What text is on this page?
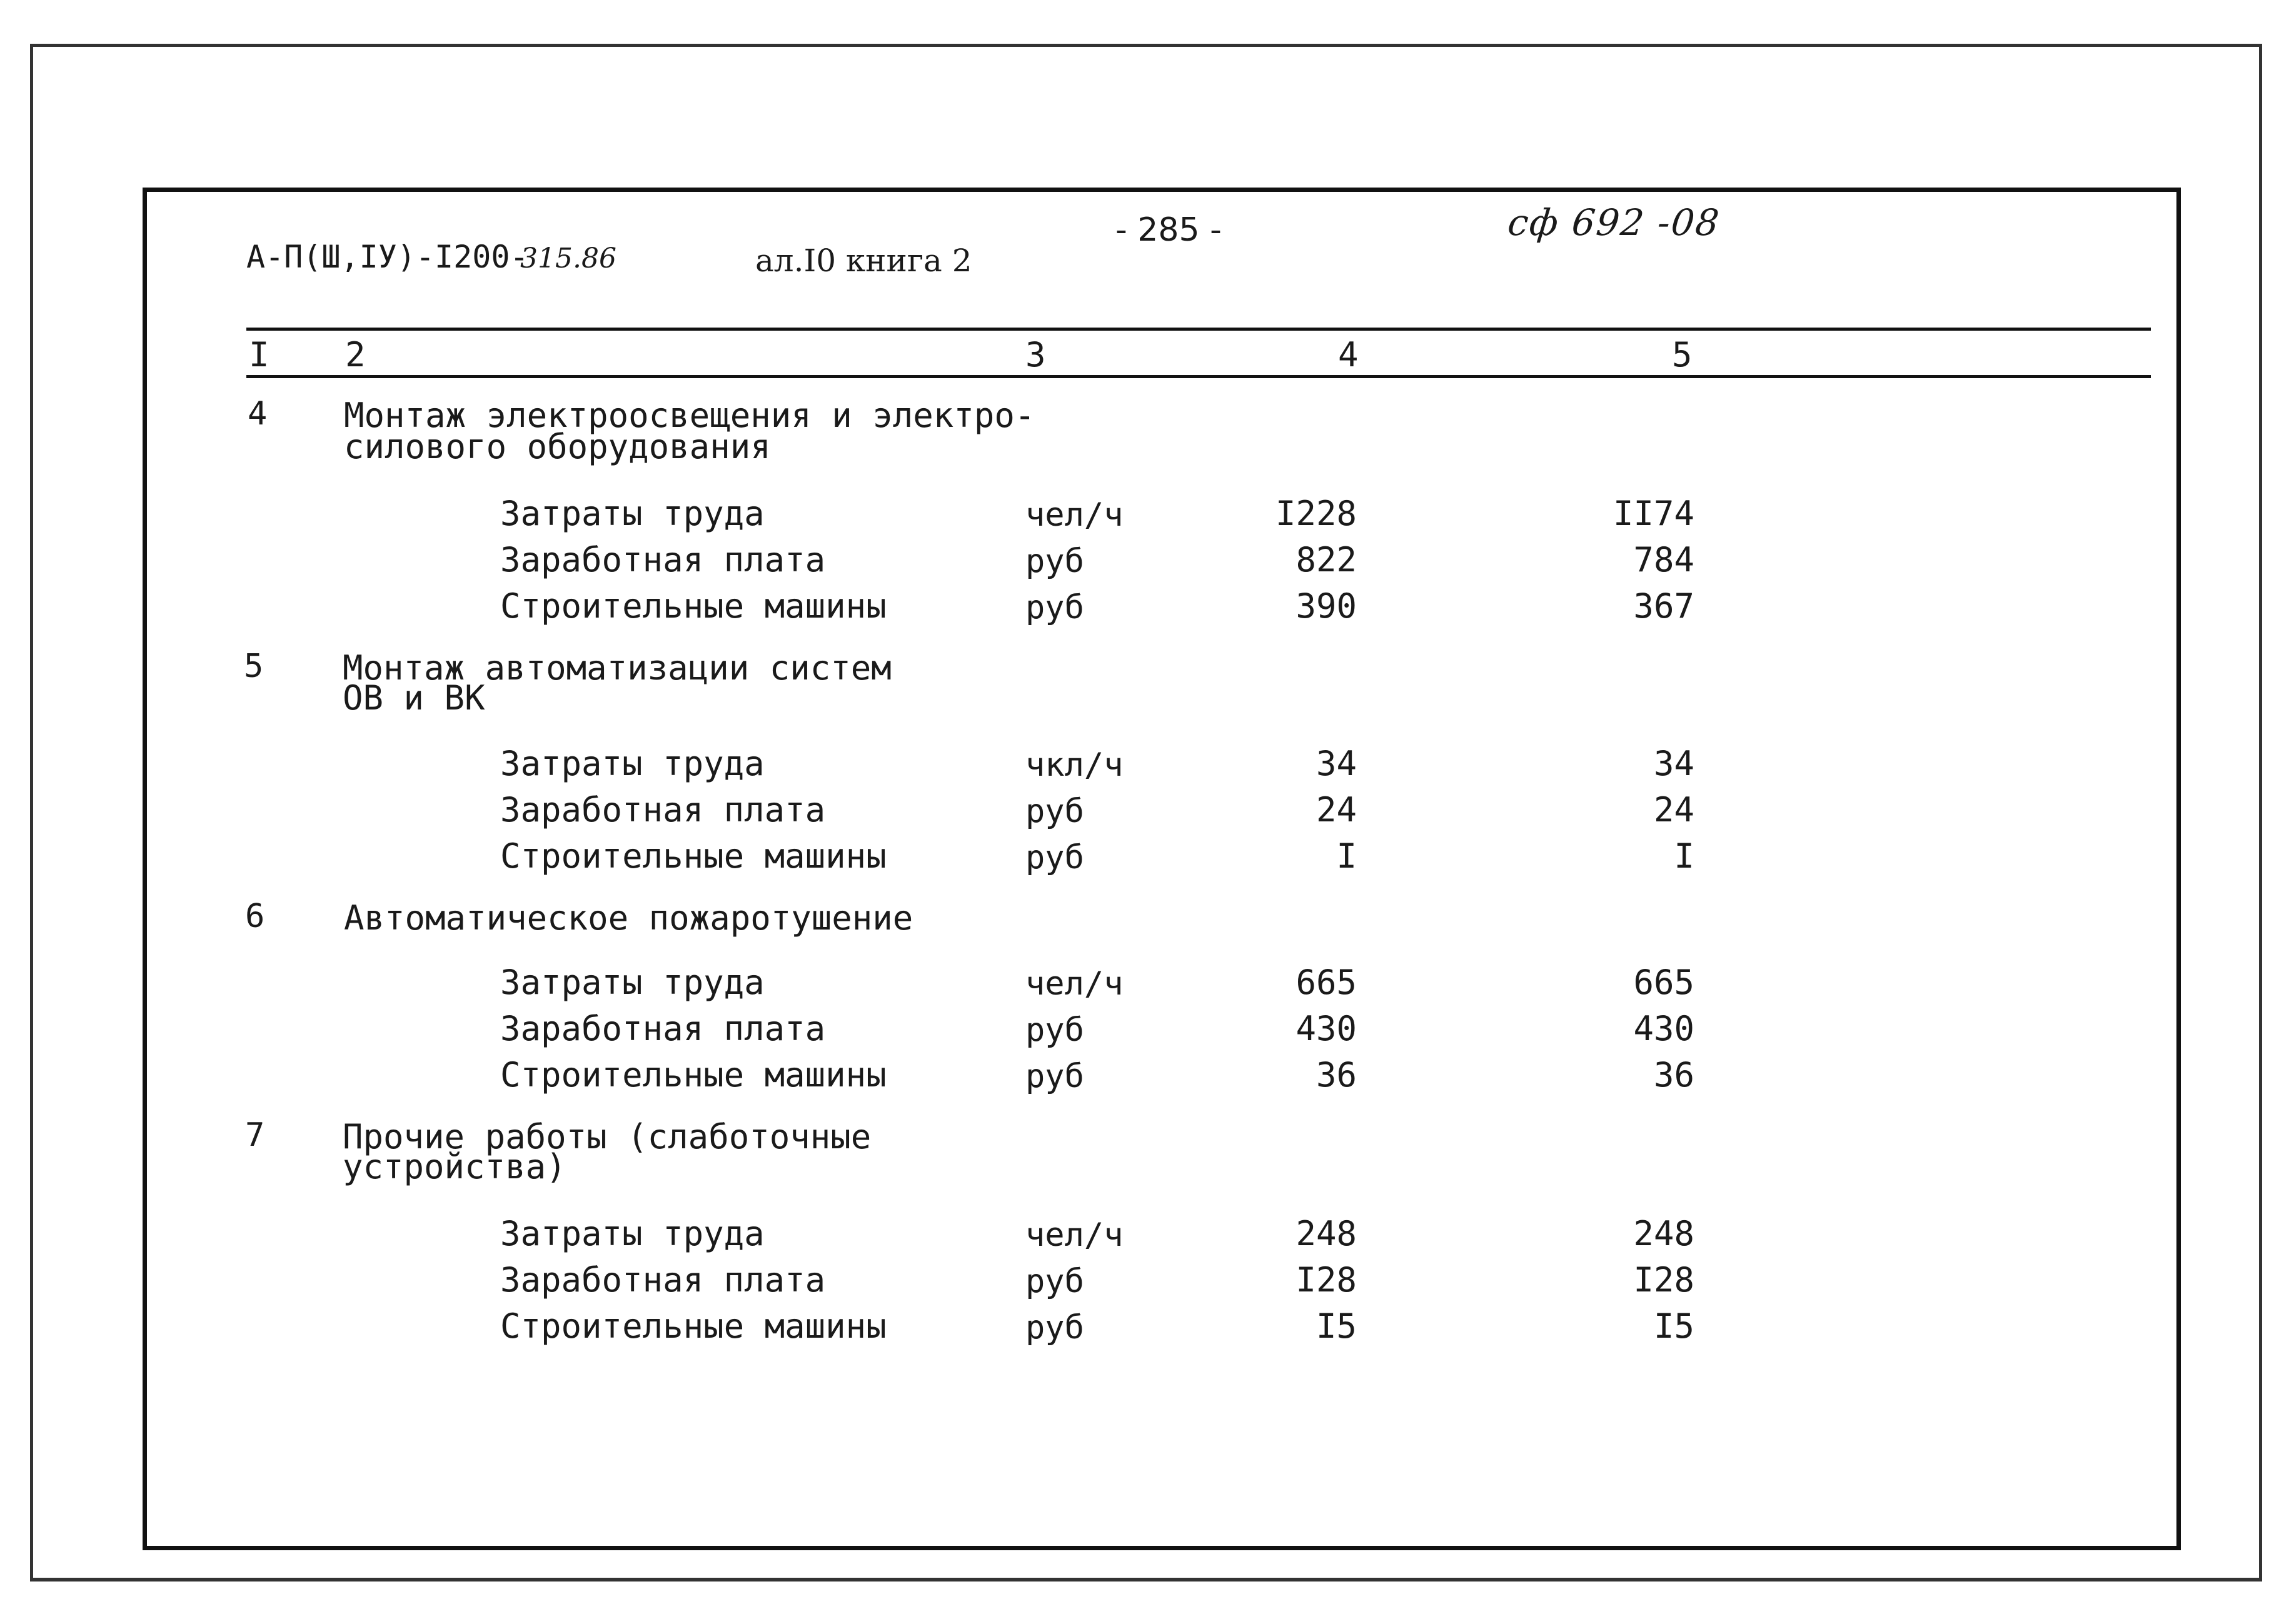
А-П(Ш,IУ)-I200-
315.86	ал.I0 книга 2
- 285 -	сф 692 -08
I 2	3	4	5
4 Монтаж электроосвещения и электро-
силового оборудования
Затраты труда	чел/ч	I228	II74
Заработная плата	руб	822	784
Строительные машины	руб	390	367
5 Монтаж автоматизации систем
ОВ и ВК
Затраты труда	чкл/ч	34	34
Заработная плата	руб	24	24
Строительные машины	руб	I	I
6 Автоматическое пожаротушение
Затраты труда	чел/ч	665	665
Заработная плата	руб	430	430
Строительные машины	руб	36	36
7 Прочие работы (слаботочные
устройства)
Затраты труда	чел/ч	248	248
Заработная плата	руб	I28	I28
Строительные машины	руб	I5	I5
